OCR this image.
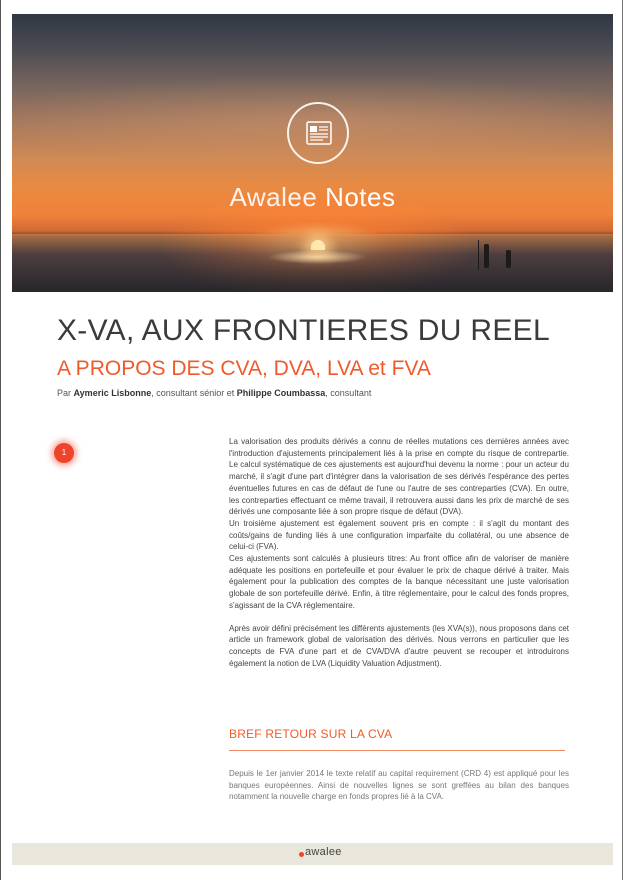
Awalee Notes
X-VA, AUX FRONTIERES DU REEL
A PROPOS DES CVA, DVA, LVA et FVA
Par Aymeric Lisbonne, consultant sénior et Philippe Coumbassa, consultant
1

La valorisation des produits dérivés a connu de réelles mutations ces dernières années avec l'introduction d'ajustements principalement liés à la prise en compte du risque de contrepartie. Le calcul systématique de ces ajustements est aujourd'hui devenu la norme : pour un acteur du marché, il s'agit d'une part d'intégrer dans la valorisation de ses dérivés l'espérance des pertes éventuelles futures en cas de défaut de l'une ou l'autre de ses contreparties (CVA). En outre, les contreparties effectuant ce même travail, il retrouvera aussi dans les prix de marché de ses dérivés une composante liée à son propre risque de défaut (DVA).

Un troisième ajustement est également souvent pris en compte : il s'agit du montant des coûts/gains de funding liés à une configuration imparfaite du collatéral, ou une absence de celui-ci (FVA).

Ces ajustements sont calculés à plusieurs titres: Au front office afin de valoriser de manière adéquate les positions en portefeuille et pour évaluer le prix de chaque dérivé à traiter. Mais également pour la publication des comptes de la banque nécessitant une juste valorisation globale de son portefeuille dérivé. Enfin, à titre réglementaire, pour le calcul des fonds propres, s'agissant de la CVA réglementaire.

Après avoir défini précisément les différents ajustements (les XVA(s)), nous proposons dans cet article un framework global de valorisation des dérivés. Nous verrons en particulier que les concepts de FVA d'une part et de CVA/DVA d'autre peuvent se recouper et introduirons également la notion de LVA (Liquidity Valuation Adjustment).

BREF RETOUR SUR LA CVA
Depuis le 1er janvier 2014 le texte relatif au capital requirement (CRD 4) est appliqué pour les banques européennes. Ainsi de nouvelles lignes se sont greffées au bilan des banques notamment la nouvelle charge en fonds propres lié à la CVA.
awalee
